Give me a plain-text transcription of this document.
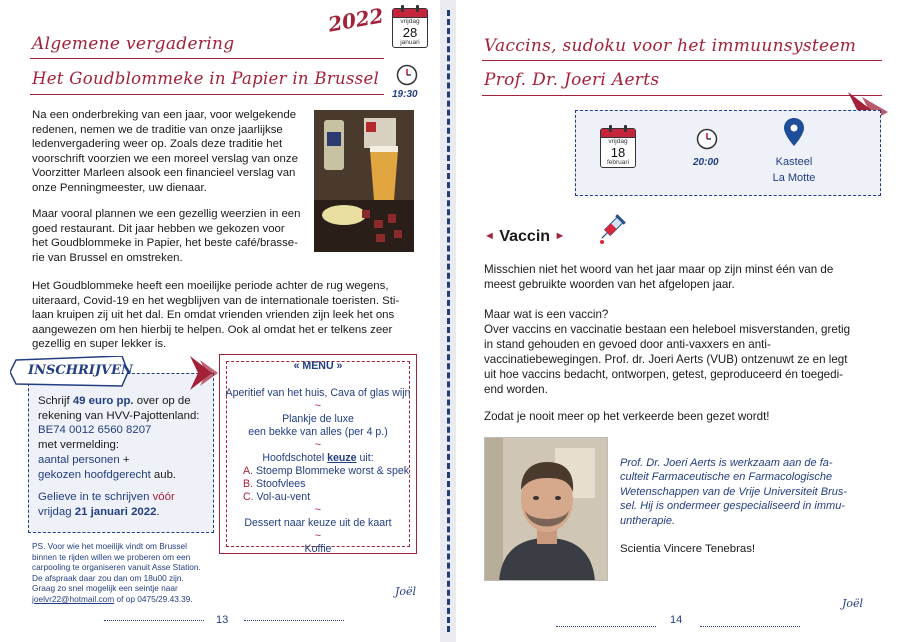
2022	vrijdag
28
januari
Algemene vergadering
Het Goudblommeke in Papier in Brussel
19:30
Na een onderbreking van een jaar, voor welgekende
redenen, nemen we de traditie van onze jaarlijkse
ledenvergadering weer op. Zoals deze traditie het
voorschrift voorzien we een moreel verslag van onze
Voorzitter Marleen alsook een financieel verslag van
onze Penningmeester, uw dienaar.
Maar vooral plannen we een gezellig weerzien in een
goed restaurant. Dit jaar hebben we gekozen voor
het Goudblommeke in Papier, het beste café/brasse-
rie van Brussel en omstreken.
Het Goudblommeke heeft een moeilijke periode achter de rug wegens,
uiteraard, Covid-19 en het wegblijven van de internationale toeristen. Sti-
laan kruipen zij uit het dal. En omdat vrienden vrienden zijn leek het ons
aangewezen om hen hierbij te helpen. Ook al omdat het er telkens zeer
gezellig en super lekker is.
INSCHRIJVEN
Schrijf 49 euro pp. over op de
rekening van HVV-Pajottenland:
BE74 0012 6560 8207
met vermelding:
aantal personen +
gekozen hoofdgerecht aub.
Gelieve in te schrijven vóór
vrijdag 21 januari 2022.
« MENU »
Aperitief van het huis, Cava of glas wijn
~
Plankje de luxe
een bekke van alles (per 4 p.)
~
Hoofdschotel keuze uit:
A. Stoemp Blommeke worst & spek
B. Stoofvlees
C. Vol-au-vent
~
Dessert naar keuze uit de kaart
~
Koffie
PS. Voor wie het moeilijk vindt om Brussel
binnen te rijden willen we proberen om een
carpooling te organiseren vanuit Asse Station.
De afspraak daar zou dan om 18u00 zijn.
Graag zo snel mogelijk een seintje naar
joelvr22@hotmail.com of op 0475/29.43.39.
Joël
13
Vaccins, sudoku voor het immuunsysteem
Prof. Dr. Joeri Aerts
vrijdag
18
februari	20:00	Kasteel
La Motte
◄ Vaccin ►
Misschien niet het woord van het jaar maar op zijn minst één van de
meest gebruikte woorden van het afgelopen jaar.
Maar wat is een vaccin?
Over vaccins en vaccinatie bestaan een heleboel misverstanden, gretig
in stand gehouden en gevoed door anti-vaxxers en anti-
vaccinatiebewegingen. Prof. dr. Joeri Aerts (VUB) ontzenuwt ze en legt
uit hoe vaccins bedacht, ontworpen, getest, geproduceerd én toegedi-
end worden.
Zodat je nooit meer op het verkeerde been gezet wordt!
Prof. Dr. Joeri Aerts is werkzaam aan de fa-
culteit Farmaceutische en Farmacologische
Wetenschappen van de Vrije Universiteit Brus-
sel. Hij is ondermeer gespecialiseerd in immu-
untherapie.
Scientia Vincere Tenebras!
Joël
14
